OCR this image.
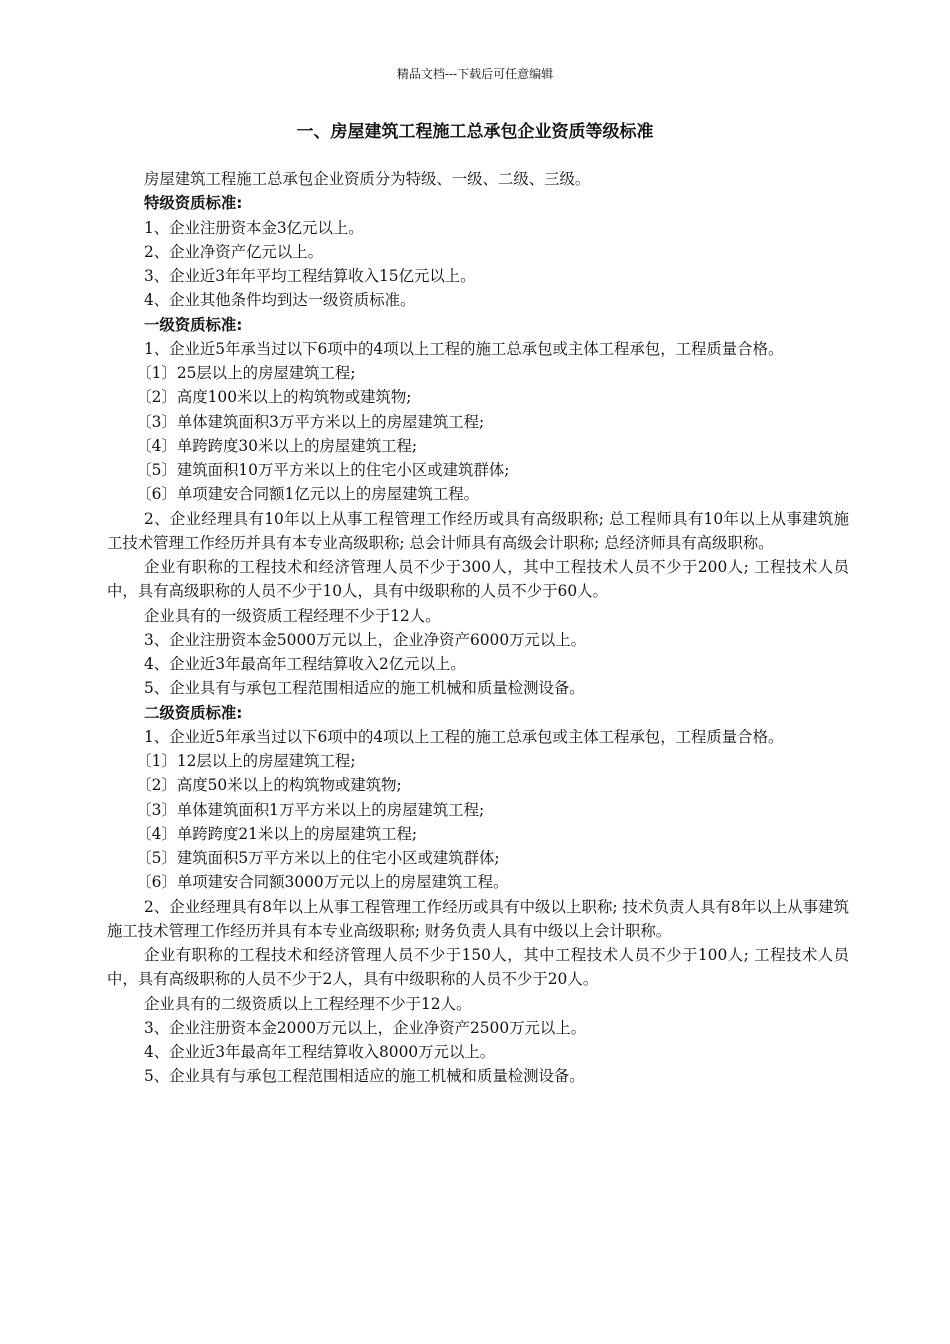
精品文档---下载后可任意编辑
一、房屋建筑工程施工总承包企业资质等级标准

房屋建筑工程施工总承包企业资质分为特级、一级、二级、三级。

特级资质标准:

1、企业注册资本金3亿元以上。

2、企业净资产亿元以上。

3、企业近3年年平均工程结算收入15亿元以上。

4、企业其他条件均到达一级资质标准。

一级资质标准:

1、企业近5年承当过以下6项中的4项以上工程的施工总承包或主体工程承包，工程质量合格。

〔1〕25层以上的房屋建筑工程;

〔2〕高度100米以上的构筑物或建筑物;

〔3〕单体建筑面积3万平方米以上的房屋建筑工程;

〔4〕单跨跨度30米以上的房屋建筑工程;

〔5〕建筑面积10万平方米以上的住宅小区或建筑群体;

〔6〕单项建安合同额1亿元以上的房屋建筑工程。

2、企业经理具有10年以上从事工程管理工作经历或具有高级职称; 总工程师具有10年以上从事建筑施工技术管理工作经历并具有本专业高级职称; 总会计师具有高级会计职称; 总经济师具有高级职称。

企业有职称的工程技术和经济管理人员不少于300人，其中工程技术人员不少于200人; 工程技术人员中，具有高级职称的人员不少于10人，具有中级职称的人员不少于60人。

企业具有的一级资质工程经理不少于12人。

3、企业注册资本金5000万元以上，企业净资产6000万元以上。

4、企业近3年最高年工程结算收入2亿元以上。

5、企业具有与承包工程范围相适应的施工机械和质量检测设备。

二级资质标准:

1、企业近5年承当过以下6项中的4项以上工程的施工总承包或主体工程承包，工程质量合格。

〔1〕12层以上的房屋建筑工程;

〔2〕高度50米以上的构筑物或建筑物;

〔3〕单体建筑面积1万平方米以上的房屋建筑工程;

〔4〕单跨跨度21米以上的房屋建筑工程;

〔5〕建筑面积5万平方米以上的住宅小区或建筑群体;

〔6〕单项建安合同额3000万元以上的房屋建筑工程。

2、企业经理具有8年以上从事工程管理工作经历或具有中级以上职称; 技术负责人具有8年以上从事建筑施工技术管理工作经历并具有本专业高级职称; 财务负责人具有中级以上会计职称。

企业有职称的工程技术和经济管理人员不少于150人，其中工程技术人员不少于100人; 工程技术人员中，具有高级职称的人员不少于2人，具有中级职称的人员不少于20人。

企业具有的二级资质以上工程经理不少于12人。

3、企业注册资本金2000万元以上，企业净资产2500万元以上。

4、企业近3年最高年工程结算收入8000万元以上。

5、企业具有与承包工程范围相适应的施工机械和质量检测设备。
